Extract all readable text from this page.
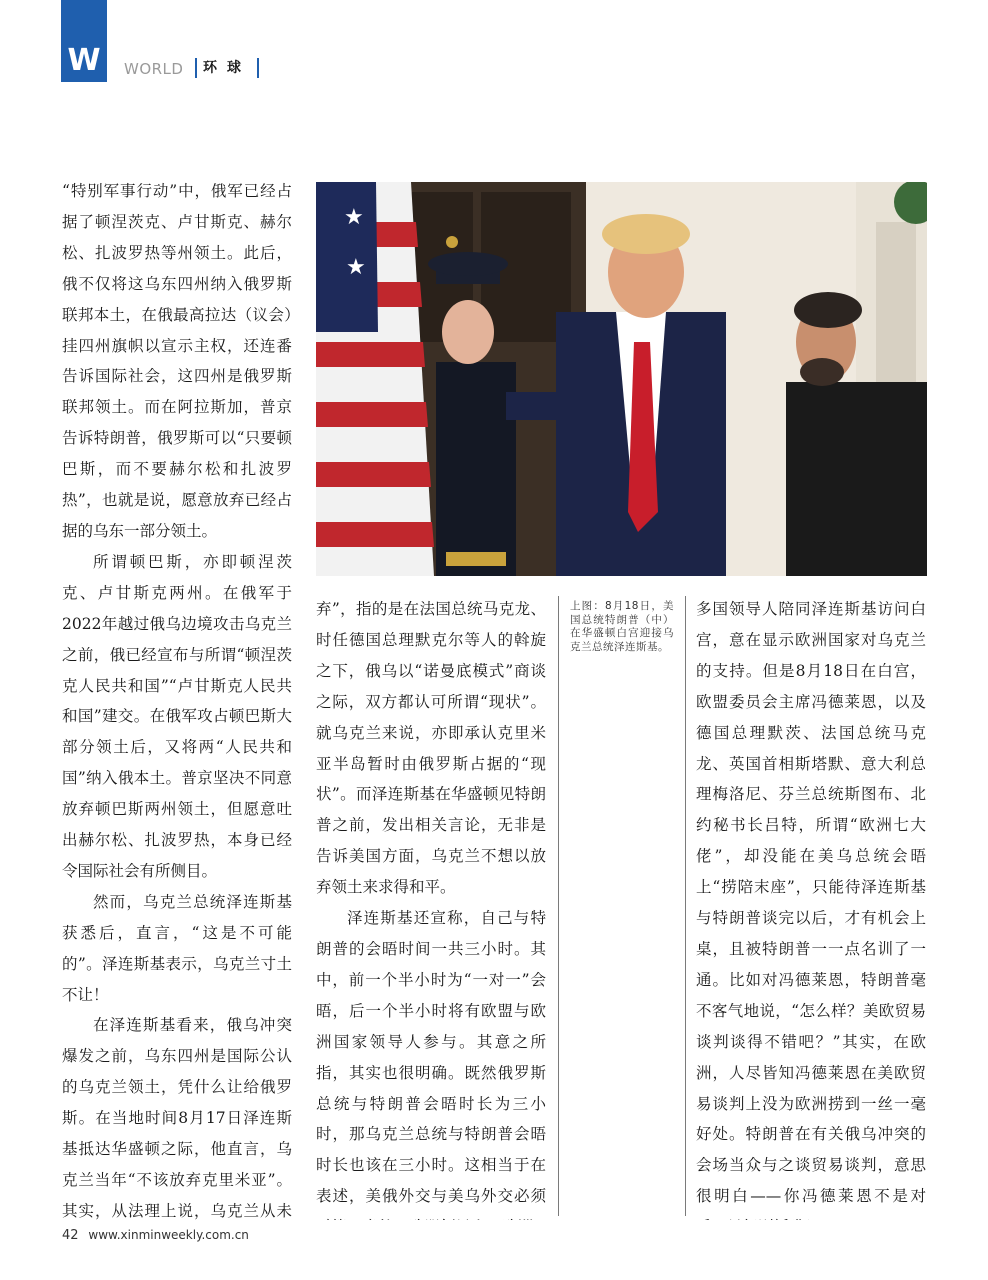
W	WORLD	环球

“特别军事行动”中，俄军已经占据了顿涅茨克、卢甘斯克、赫尔松、扎波罗热等州领土。此后，俄不仅将这乌东四州纳入俄罗斯联邦本土，在俄最高拉达（议会）挂四州旗帜以宣示主权，还连番告诉国际社会，这四州是俄罗斯联邦领土。而在阿拉斯加，普京告诉特朗普，俄罗斯可以“只要顿巴斯，而不要赫尔松和扎波罗热”，也就是说，愿意放弃已经占据的乌东一部分领土。

所谓顿巴斯，亦即顿涅茨克、卢甘斯克两州。在俄军于2022年越过俄乌边境攻击乌克兰之前，俄已经宣布与所谓“顿涅茨克人民共和国”“卢甘斯克人民共和国”建交。在俄军攻占顿巴斯大部分领土后，又将两“人民共和国”纳入俄本土。普京坚决不同意放弃顿巴斯两州领土，但愿意吐出赫尔松、扎波罗热，本身已经令国际社会有所侧目。

然而，乌克兰总统泽连斯基获悉后，直言，“这是不可能的”。泽连斯基表示，乌克兰寸土不让！

在泽连斯基看来，俄乌冲突爆发之前，乌东四州是国际公认的乌克兰领土，凭什么让给俄罗斯。在当地时间8月17日泽连斯基抵达华盛顿之际，他直言，乌克兰当年“不该放弃克里米亚”。其实，从法理上说，乌克兰从未

★
★

弃”，指的是在法国总统马克龙、时任德国总理默克尔等人的斡旋之下，俄乌以“诺曼底模式”商谈之际，双方都认可所谓“现状”。就乌克兰来说，亦即承认克里米亚半岛暂时由俄罗斯占据的“现状”。而泽连斯基在华盛顿见特朗普之前，发出相关言论，无非是告诉美国方面，乌克兰不想以放弃领土来求得和平。

泽连斯基还宣称，自己与特朗普的会晤时间一共三小时。其中，前一个半小时为“一对一”会晤，后一个半小时将有欧盟与欧洲国家领导人参与。其意之所指，其实也很明确。既然俄罗斯总统与特朗普会晤时长为三小时，那乌克兰总统与特朗普会晤时长也该在三小时。这相当于在表述，美俄外交与美乌外交必须

上图：8月18日，美国总统特朗普（中）在华盛顿白宫迎接乌克兰总统泽连斯基。

多国领导人陪同泽连斯基访问白宫，意在显示欧洲国家对乌克兰的支持。但是8月18日在白宫，欧盟委员会主席冯德莱恩，以及德国总理默茨、法国总统马克龙、英国首相斯塔默、意大利总理梅洛尼、芬兰总统斯图布、北约秘书长吕特，所谓“欧洲七大佬”，却没能在美乌总统会晤上“捞陪末座”，只能待泽连斯基与特朗普谈完以后，才有机会上桌，且被特朗普一一点名训了一通。比如对冯德莱恩，特朗普毫不客气地说，“怎么样？美欧贸易谈判谈得不错吧？”其实，在欧洲，人尽皆知冯德莱恩在美欧贸易谈判上没为欧洲捞到一丝一毫好处。特朗普在有关俄乌冲突的会场当众与之谈贸易谈判，意思很明白——你冯德莱恩不是对

42 www.xinminweekly.com.cn
